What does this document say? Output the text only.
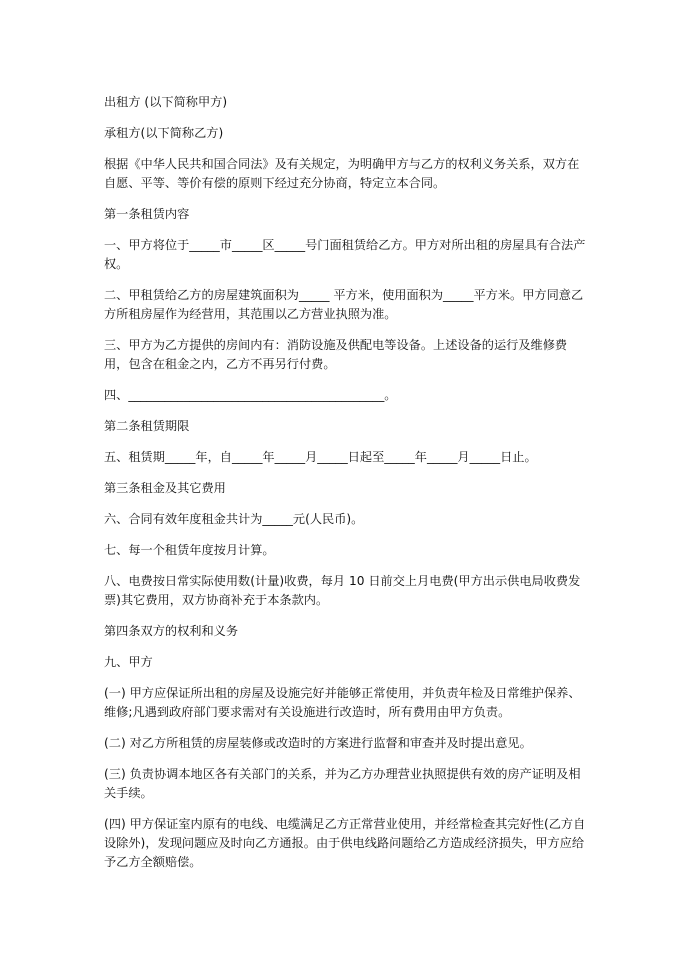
出租方 (以下简称甲方)

承租方(以下简称乙方)

根据《中华人民共和国合同法》及有关规定，为明确甲方与乙方的权利义务关系，双方在自愿、平等、等价有偿的原则下经过充分协商，特定立本合同。

第一条租赁内容

一、甲方将位于_____市_____区_____号门面租赁给乙方。甲方对所出租的房屋具有合法产权。

二、甲租赁给乙方的房屋建筑面积为_____ 平方米，使用面积为_____平方米。甲方同意乙方所租房屋作为经营用，其范围以乙方营业执照为准。

三、甲方为乙方提供的房间内有：消防设施及供配电等设备。上述设备的运行及维修费用，包含在租金之内，乙方不再另行付费。

四、__________________________________________。

第二条租赁期限

五、租赁期_____年，自_____年_____月_____日起至_____年_____月_____日止。

第三条租金及其它费用

六、合同有效年度租金共计为_____元(人民币)。

七、每一个租赁年度按月计算。

八、电费按日常实际使用数(计量)收费，每月 10 日前交上月电费(甲方出示供电局收费发票)其它费用，双方协商补充于本条款内。

第四条双方的权利和义务

九、甲方

(一) 甲方应保证所出租的房屋及设施完好并能够正常使用，并负责年检及日常维护保养、维修;凡遇到政府部门要求需对有关设施进行改造时，所有费用由甲方负责。

(二) 对乙方所租赁的房屋装修或改造时的方案进行监督和审查并及时提出意见。

(三) 负责协调本地区各有关部门的关系，并为乙方办理营业执照提供有效的房产证明及相关手续。

(四) 甲方保证室内原有的电线、电缆满足乙方正常营业使用，并经常检查其完好性(乙方自设除外)，发现问题应及时向乙方通报。由于供电线路问题给乙方造成经济损失，甲方应给予乙方全额赔偿。
